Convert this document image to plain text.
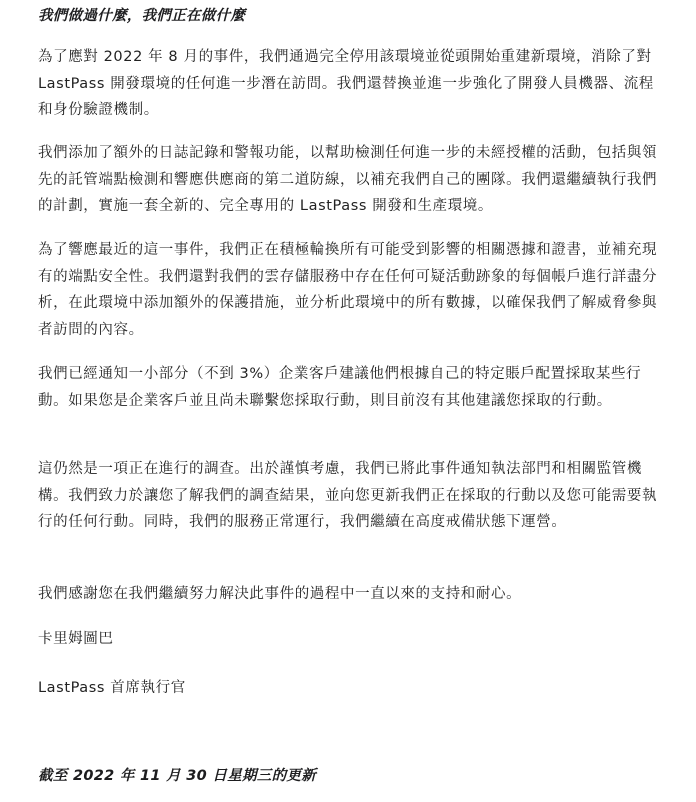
我們做過什麼，我們正在做什麼

為了應對 2022 年 8 月的事件，我們通過完全停用該環境並從頭開始重建新環境，消除了對 LastPass 開發環境的任何進一步潛在訪問。我們還替換並進一步強化了開發人員機器、流程和身份驗證機制。

我們添加了額外的日誌記錄和警報功能，以幫助檢測任何進一步的未經授權的活動，包括與領先的託管端點檢測和響應供應商的第二道防線，以補充我們自己的團隊。我們還繼續執行我們的計劃，實施一套全新的、完全專用的 LastPass 開發和生產環境。

為了響應最近的這一事件，我們正在積極輪換所有可能受到影響的相關憑據和證書，並補充現有的端點安全性。我們還對我們的雲存儲服務中存在任何可疑活動跡象的每個帳戶進行詳盡分析，在此環境中添加額外的保護措施，並分析此環境中的所有數據，以確保我們了解威脅參與者訪問的內容。

我們已經通知一小部分（不到 3%）企業客戶建議他們根據自己的特定賬戶配置採取某些行動。如果您是企業客戶並且尚未聯繫您採取行動，則目前沒有其他建議您採取的行動。

這仍然是一項正在進行的調查。出於謹慎考慮，我們已將此事件通知執法部門和相關監管機構。我們致力於讓您了解我們的調查結果，並向您更新我們正在採取的行動以及您可能需要執行的任何行動。同時，我們的服務正常運行，我們繼續在高度戒備狀態下運營。

我們感謝您在我們繼續努力解決此事件的過程中一直以來的支持和耐心。

卡里姆圖巴

LastPass 首席執行官

截至 2022 年 11 月 30 日星期三的更新
